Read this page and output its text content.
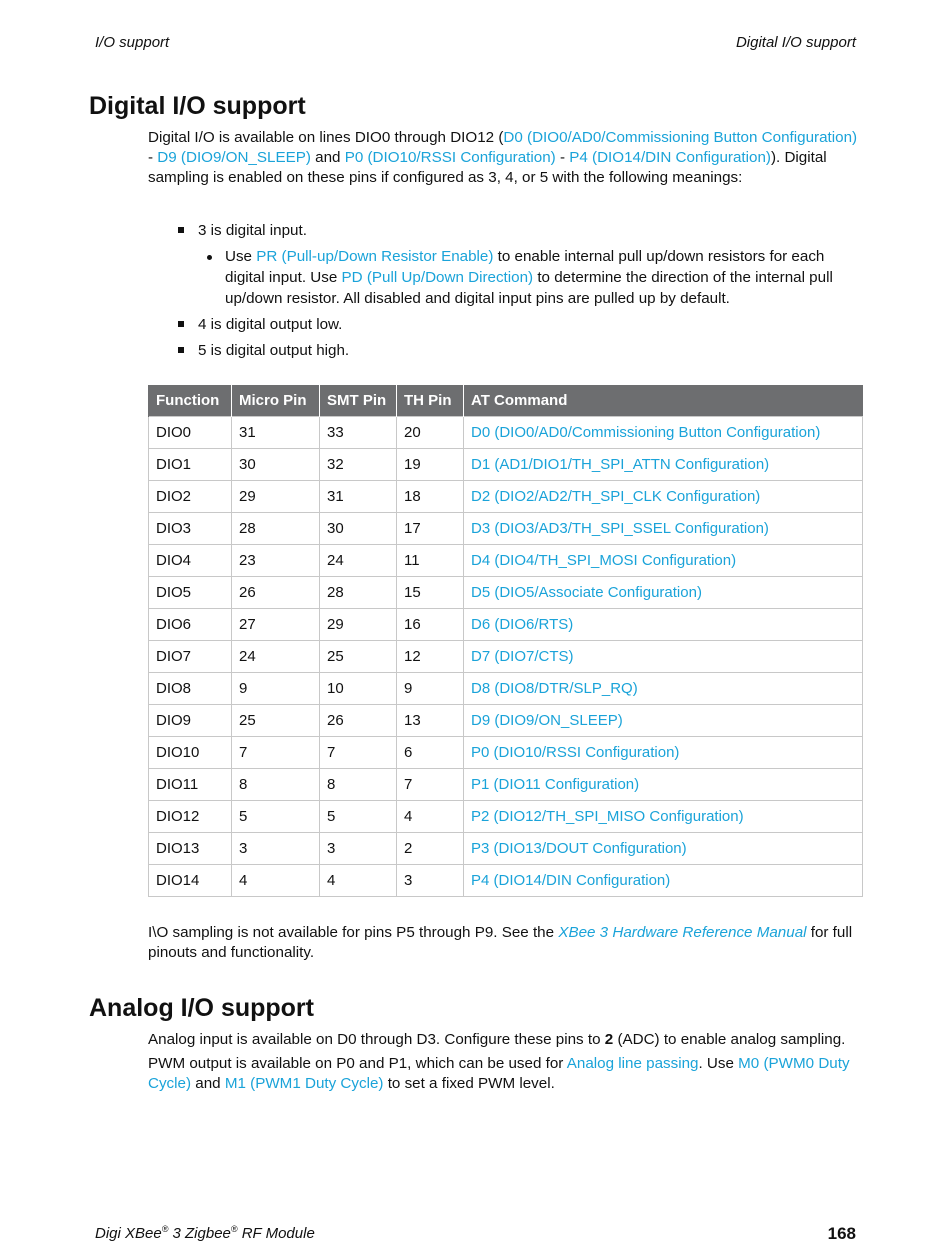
I/O support	Digital I/O support
Digital I/O support

Digital I/O is available on lines DIO0 through DIO12 (D0 (DIO0/AD0/Commissioning Button Configuration) - D9 (DIO9/ON_SLEEP) and P0 (DIO10/RSSI Configuration) - P4 (DIO14/DIN Configuration)). Digital sampling is enabled on these pins if configured as 3, 4, or 5 with the following meanings:

3 is digital input.
Use PR (Pull-up/Down Resistor Enable) to enable internal pull up/down resistors for each digital input. Use PD (Pull Up/Down Direction) to determine the direction of the internal pull up/down resistor. All disabled and digital input pins are pulled up by default.
4 is digital output low.
5 is digital output high.
Function	Micro Pin	SMT Pin	TH Pin	AT Command
DIO0	31	33	20	D0 (DIO0/AD0/Commissioning Button Configuration)
DIO1	30	32	19	D1 (AD1/DIO1/TH_SPI_ATTN Configuration)
DIO2	29	31	18	D2 (DIO2/AD2/TH_SPI_CLK Configuration)
DIO3	28	30	17	D3 (DIO3/AD3/TH_SPI_SSEL Configuration)
DIO4	23	24	11	D4 (DIO4/TH_SPI_MOSI Configuration)
DIO5	26	28	15	D5 (DIO5/Associate Configuration)
DIO6	27	29	16	D6 (DIO6/RTS)
DIO7	24	25	12	D7 (DIO7/CTS)
DIO8	9	10	9	D8 (DIO8/DTR/SLP_RQ)
DIO9	25	26	13	D9 (DIO9/ON_SLEEP)
DIO10	7	7	6	P0 (DIO10/RSSI Configuration)
DIO11	8	8	7	P1 (DIO11 Configuration)
DIO12	5	5	4	P2 (DIO12/TH_SPI_MISO Configuration)
DIO13	3	3	2	P3 (DIO13/DOUT Configuration)
DIO14	4	4	3	P4 (DIO14/DIN Configuration)

I\O sampling is not available for pins P5 through P9. See the XBee 3 Hardware Reference Manual for full pinouts and functionality.

Analog I/O support

Analog input is available on D0 through D3. Configure these pins to 2 (ADC) to enable analog sampling.

PWM output is available on P0 and P1, which can be used for Analog line passing. Use M0 (PWM0 Duty Cycle) and M1 (PWM1 Duty Cycle) to set a fixed PWM level.

Digi XBee® 3 Zigbee® RF Module	168
